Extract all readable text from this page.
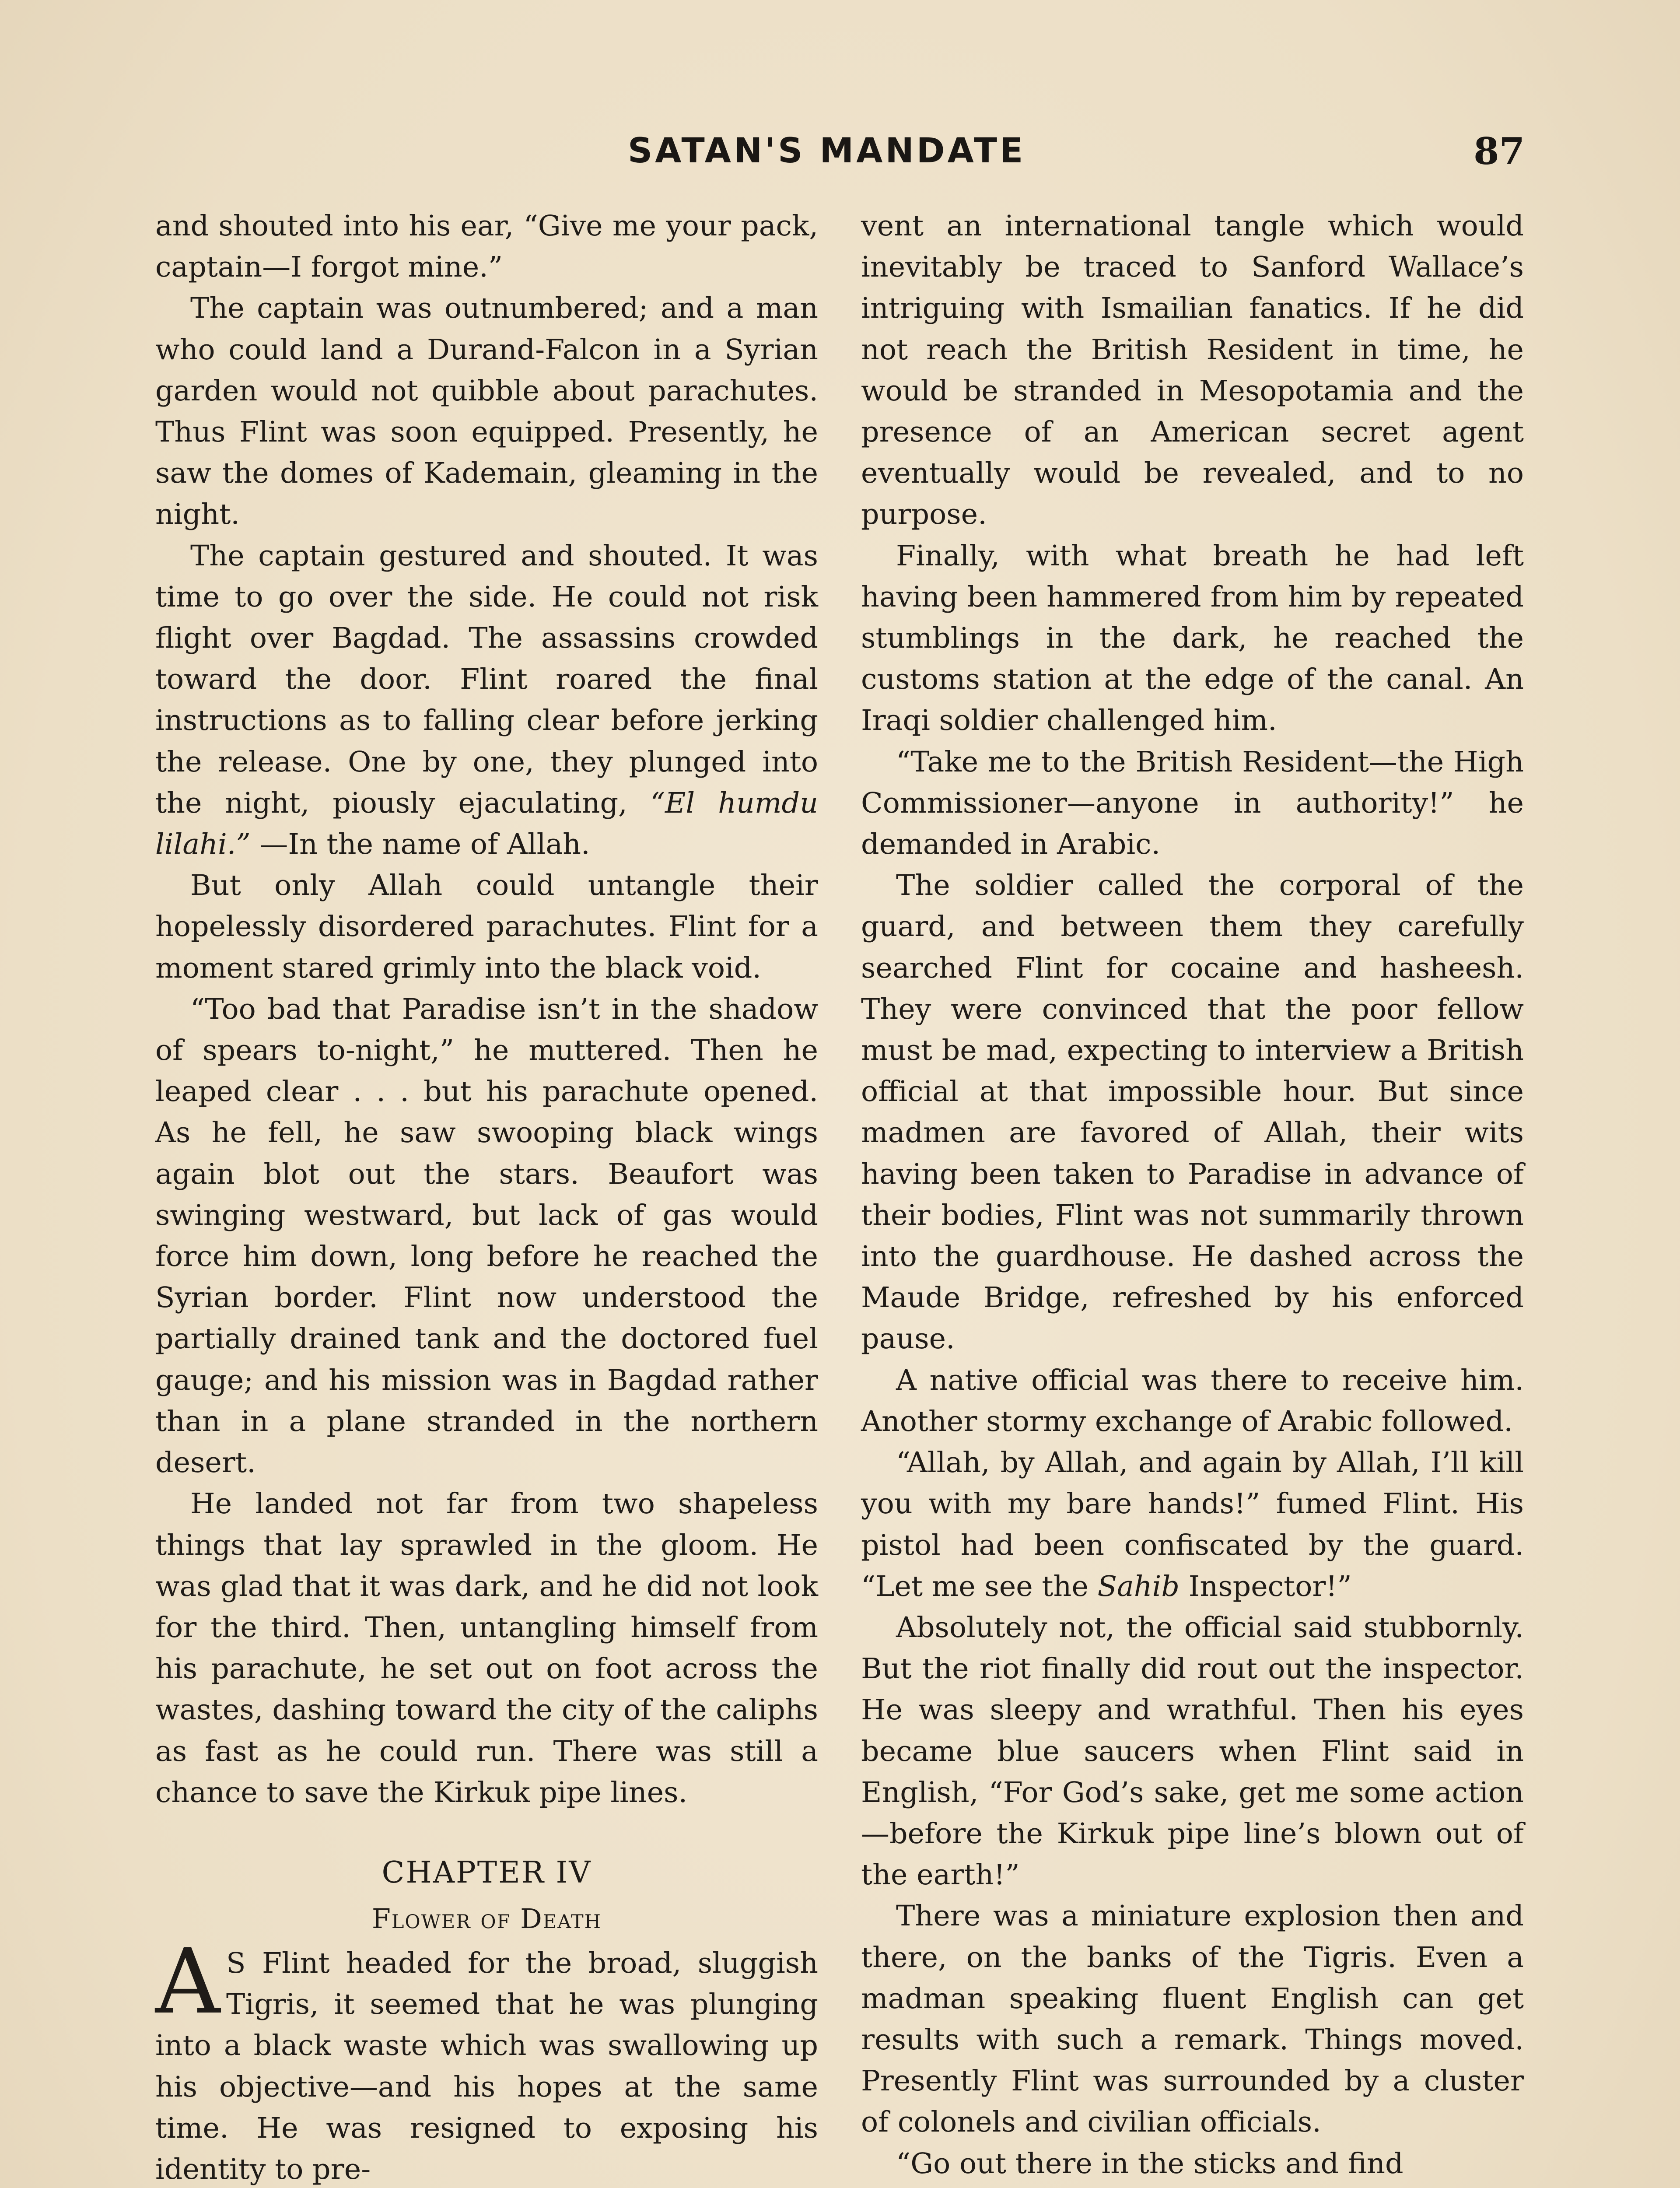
SATAN'S MANDATE	87

and shouted into his ear, “Give me your pack, captain—I forgot mine.”

The captain was outnumbered; and a man who could land a Durand-Falcon in a Syrian garden would not quibble about parachutes. Thus Flint was soon equipped. Presently, he saw the domes of Kademain, gleaming in the night.

The captain gestured and shouted. It was time to go over the side. He could not risk flight over Bagdad. The assassins crowded toward the door. Flint roared the final instructions as to falling clear before jerking the release. One by one, they plunged into the night, piously ejaculating, “El humdu lilahi.” —In the name of Allah.

But only Allah could untangle their hopelessly disordered parachutes. Flint for a moment stared grimly into the black void.

“Too bad that Paradise isn’t in the shadow of spears to-night,” he muttered. Then he leaped clear . . . but his parachute opened. As he fell, he saw swooping black wings again blot out the stars. Beaufort was swinging westward, but lack of gas would force him down, long before he reached the Syrian border. Flint now understood the partially drained tank and the doctored fuel gauge; and his mission was in Bagdad rather than in a plane stranded in the northern desert.

He landed not far from two shapeless things that lay sprawled in the gloom. He was glad that it was dark, and he did not look for the third. Then, untangling himself from his parachute, he set out on foot across the wastes, dashing toward the city of the caliphs as fast as he could run. There was still a chance to save the Kirkuk pipe lines.

CHAPTER IV
Flower of Death

A S Flint headed for the broad, sluggish Tigris, it seemed that he was plunging into a black waste which was swallowing up his objective—and his hopes at the same time. He was resigned to exposing his identity to pre-

vent an international tangle which would inevitably be traced to Sanford Wallace’s intriguing with Ismailian fanatics. If he did not reach the British Resident in time, he would be stranded in Mesopotamia and the presence of an American secret agent eventually would be revealed, and to no purpose.

Finally, with what breath he had left having been hammered from him by repeated stumblings in the dark, he reached the customs station at the edge of the canal. An Iraqi soldier challenged him.

“Take me to the British Resident—the High Commissioner—anyone in authority!” he demanded in Arabic.

The soldier called the corporal of the guard, and between them they carefully searched Flint for cocaine and hasheesh. They were convinced that the poor fellow must be mad, expecting to interview a British official at that impossible hour. But since madmen are favored of Allah, their wits having been taken to Paradise in advance of their bodies, Flint was not summarily thrown into the guardhouse. He dashed across the Maude Bridge, refreshed by his enforced pause.

A native official was there to receive him. Another stormy exchange of Arabic followed.

“Allah, by Allah, and again by Allah, I’ll kill you with my bare hands!” fumed Flint. His pistol had been confiscated by the guard. “Let me see the Sahib Inspector!”

Absolutely not, the official said stubbornly. But the riot finally did rout out the inspector. He was sleepy and wrathful. Then his eyes became blue saucers when Flint said in English, “For God’s sake, get me some action—before the Kirkuk pipe line’s blown out of the earth!”

There was a miniature explosion then and there, on the banks of the Tigris. Even a madman speaking fluent English can get results with such a remark. Things moved. Presently Flint was surrounded by a cluster of colonels and civilian officials.

“Go out there in the sticks and find
